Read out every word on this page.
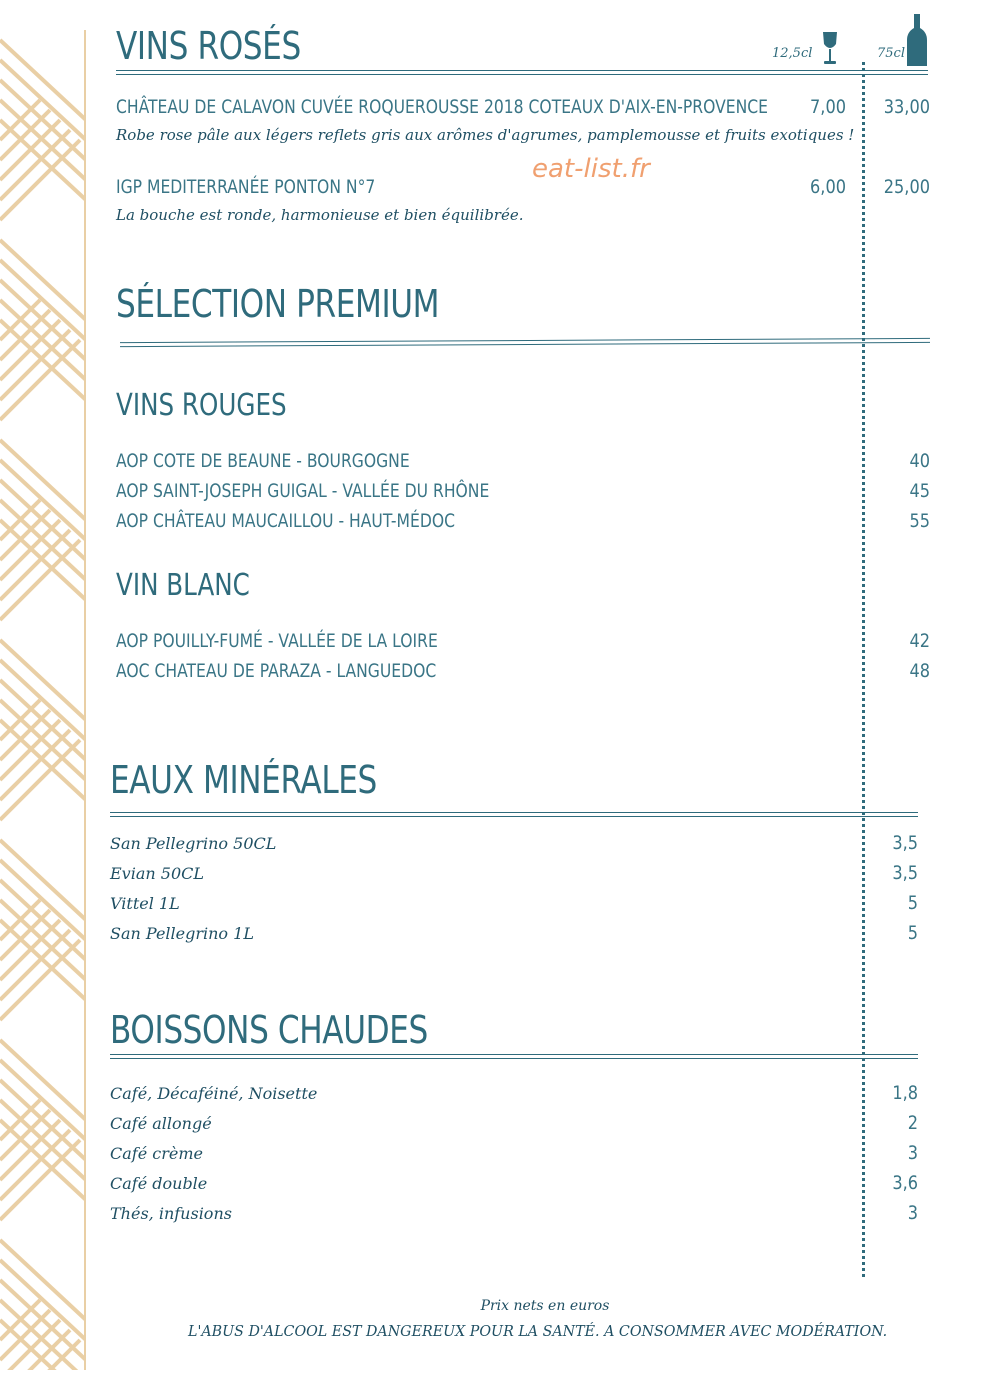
12,5cl	75cl
VINS ROSÉS
CHÂTEAU DE CALAVON CUVÉE ROQUEROUSSE 2018 COTEAUX D'AIX-EN-PROVENCE
Robe rose pâle aux légers reflets gris aux arômes d'agrumes, pamplemousse et fruits exotiques !
7,00	33,00
IGP MEDITERRANÉE PONTON N°7
eat-list.fr
La bouche est ronde, harmonieuse et bien équilibrée.
6,00	25,00
SÉLECTION PREMIUM
VINS ROUGES
AOP COTE DE BEAUNE - BOURGOGNE	40
AOP SAINT-JOSEPH GUIGAL - VALLÉE DU RHÔNE	45
AOP CHÂTEAU MAUCAILLOU - HAUT-MÉDOC	55
VIN BLANC
AOP POUILLY-FUMÉ - VALLÉE DE LA LOIRE	42
AOC CHATEAU DE PARAZA - LANGUEDOC	48
EAUX MINÉRALES
San Pellegrino 50CL	3,5
Evian 50CL	3,5
Vittel 1L	5
San Pellegrino 1L	5
BOISSONS CHAUDES
Café, Décaféiné, Noisette	1,8
Café allongé	2
Café crème	3
Café double	3,6
Thés, infusions	3
Prix nets en euros
L'ABUS D'ALCOOL EST DANGEREUX POUR LA SANTÉ. A CONSOMMER AVEC MODÉRATION.
